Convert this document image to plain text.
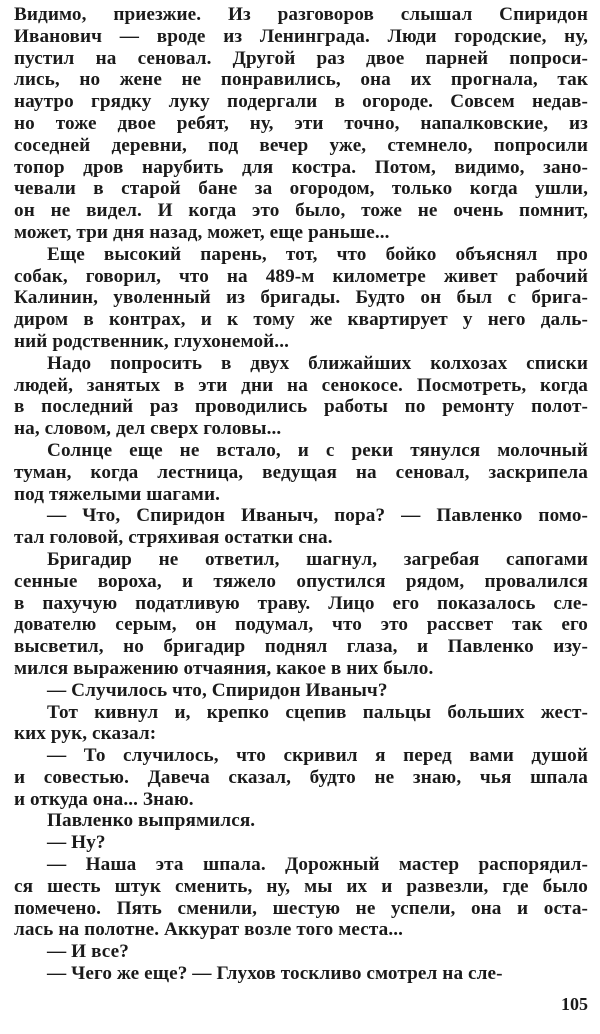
Видимо, приезжие. Из разговоров слышал Спиридон
Иванович — вроде из Ленинграда. Люди городские, ну,
пустил на сеновал. Другой раз двое парней попроси-
лись, но жене не понравились, она их прогнала, так
наутро грядку луку подергали в огороде. Совсем недав-
но тоже двое ребят, ну, эти точно, напалковские, из
соседней деревни, под вечер уже, стемнело, попросили
топор дров нарубить для костра. Потом, видимо, зано-
чевали в старой бане за огородом, только когда ушли,
он не видел. И когда это было, тоже не очень помнит,
может, три дня назад, может, еще раньше...
Еще высокий парень, тот, что бойко объяснял про
собак, говорил, что на 489-м километре живет рабочий
Калинин, уволенный из бригады. Будто он был с брига-
диром в контрах, и к тому же квартирует у него даль-
ний родственник, глухонемой...
Надо попросить в двух ближайших колхозах списки
людей, занятых в эти дни на сенокосе. Посмотреть, когда
в последний раз проводились работы по ремонту полот-
на, словом, дел сверх головы...
Солнце еще не встало, и с реки тянулся молочный
туман, когда лестница, ведущая на сеновал, заскрипела
под тяжелыми шагами.
— Что, Спиридон Иваныч, пора? — Павленко помо-
тал головой, стряхивая остатки сна.
Бригадир не ответил, шагнул, загребая сапогами
сенные вороха, и тяжело опустился рядом, провалился
в пахучую податливую траву. Лицо его показалось сле-
дователю серым, он подумал, что это рассвет так его
высветил, но бригадир поднял глаза, и Павленко изу-
мился выражению отчаяния, какое в них было.
— Случилось что, Спиридон Иваныч?
Тот кивнул и, крепко сцепив пальцы больших жест-
ких рук, сказал:
— То случилось, что скривил я перед вами душой
и совестью. Давеча сказал, будто не знаю, чья шпала
и откуда она... Знаю.
Павленко выпрямился.
— Ну?
— Наша эта шпала. Дорожный мастер распорядил-
ся шесть штук сменить, ну, мы их и развезли, где было
помечено. Пять сменили, шестую не успели, она и оста-
лась на полотне. Аккурат возле того места...
— И все?
— Чего же еще? — Глухов тоскливо смотрел на сле-
105
